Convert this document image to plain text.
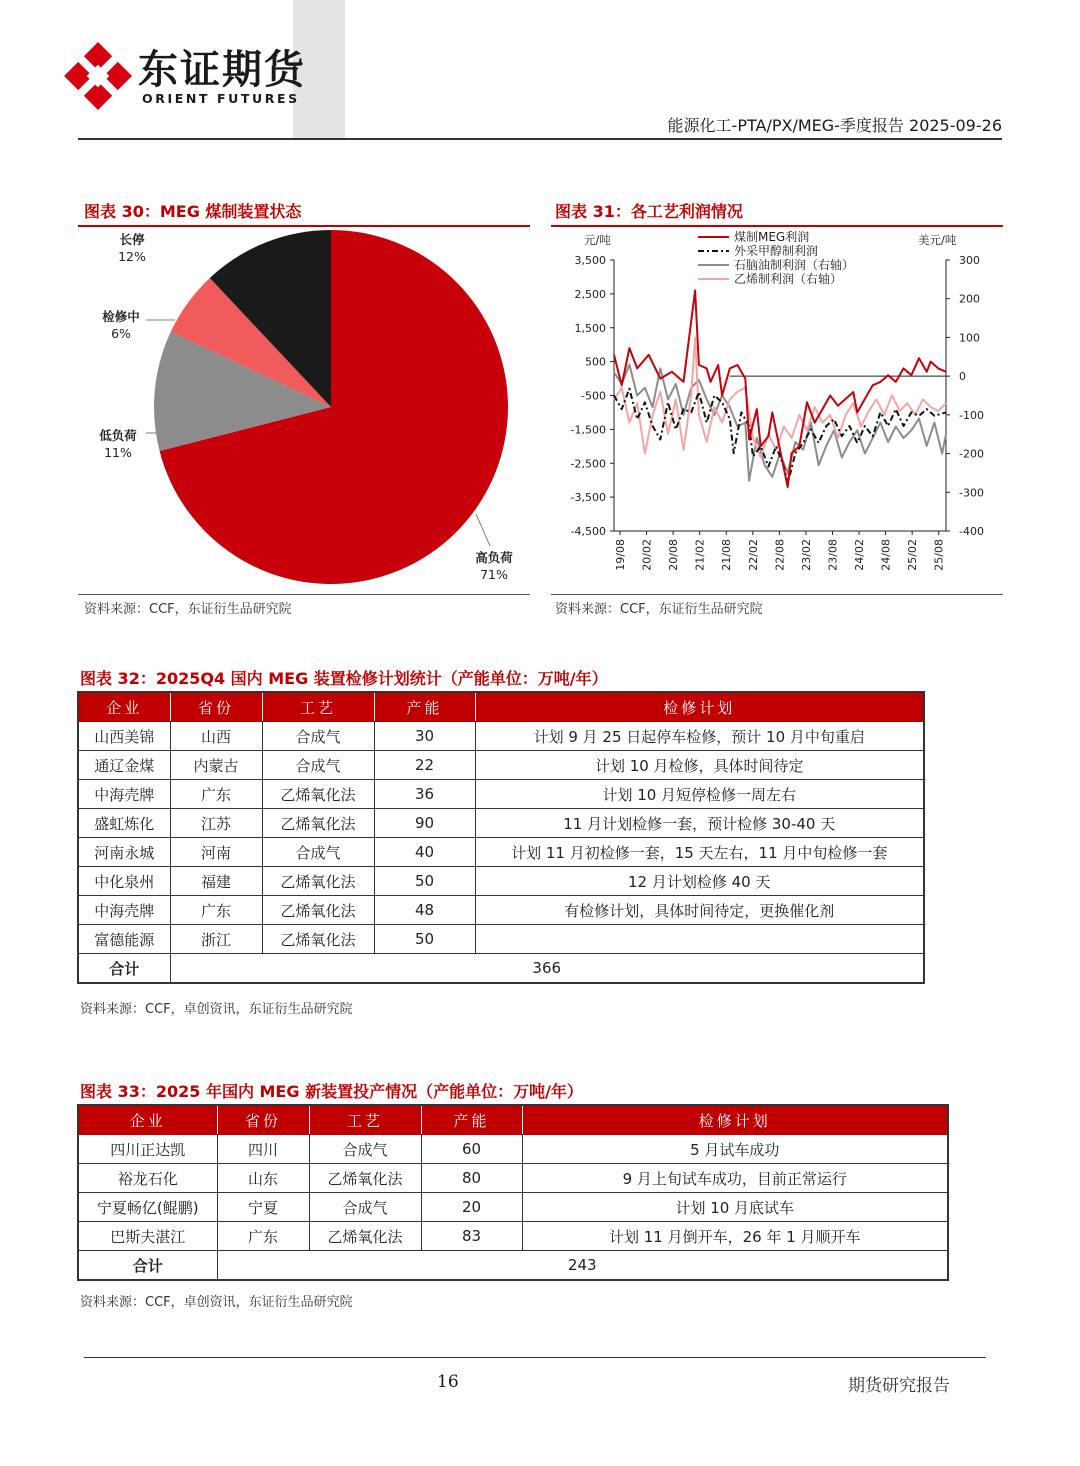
东证期货
ORIENT FUTURES
能源化工-PTA/PX/MEG-季度报告 2025-09-26
图表 30：MEG 煤制装置状态
高负荷
71%
低负荷
11%
检修中
6%
长停
12%
资料来源：CCF，东证衍生品研究院
图表 31：各工艺利润情况
3,500
2,500
1,500
500
-500
-1,500
-2,500
-3,500
-4,500
300
200
100
0
-100
-200
-300
-400
19/08 20/02 20/08 21/02 21/08 22/02 22/08 23/02 23/08 24/02 24/08 25/02 25/08
元/吨	美元/吨
煤制MEG利润
外采甲醇制利润
石脑油制利润（右轴）
乙烯制利润（右轴）
资料来源：CCF，东证衍生品研究院
图表 32：2025Q4 国内 MEG 装置检修计划统计（产能单位：万吨/年）
企业	省份	工艺	产能	检修计划
山西美锦	山西	合成气	30	计划 9 月 25 日起停车检修，预计 10 月中旬重启
通辽金煤	内蒙古	合成气	22	计划 10 月检修，具体时间待定
中海壳牌	广东	乙烯氧化法	36	计划 10 月短停检修一周左右
盛虹炼化	江苏	乙烯氧化法	90	11 月计划检修一套，预计检修 30-40 天
河南永城	河南	合成气	40	计划 11 月初检修一套，15 天左右，11 月中旬检修一套
中化泉州	福建	乙烯氧化法	50	12 月计划检修 40 天
中海壳牌	广东	乙烯氧化法	48	有检修计划，具体时间待定，更换催化剂
富德能源	浙江	乙烯氧化法	50	
合计	366			
资料来源：CCF，卓创资讯，东证衍生品研究院
图表 33：2025 年国内 MEG 新装置投产情况（产能单位：万吨/年）
企业	省份	工艺	产能	检修计划
四川正达凯	四川	合成气	60	5 月试车成功
裕龙石化	山东	乙烯氧化法	80	9 月上旬试车成功，目前正常运行
宁夏畅亿(鲲鹏)	宁夏	合成气	20	计划 10 月底试车
巴斯夫湛江	广东	乙烯氧化法	83	计划 11 月倒开车，26 年 1 月顺开车
合计	243			
资料来源：CCF，卓创资讯，东证衍生品研究院
16	期货研究报告
